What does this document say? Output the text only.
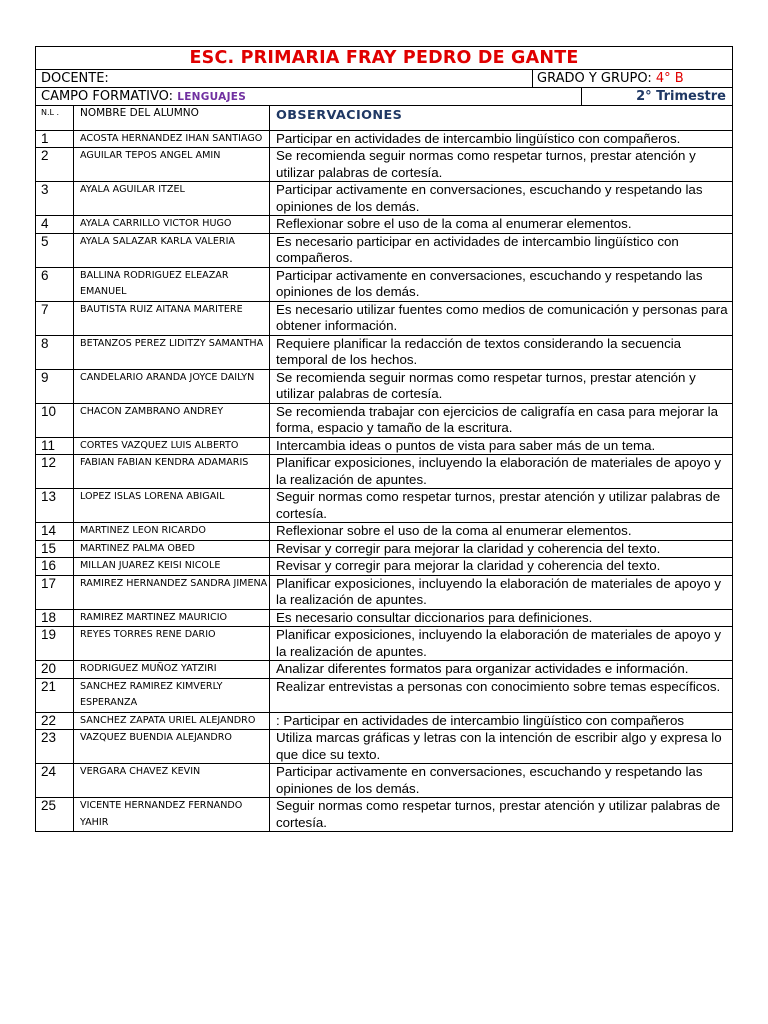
ESC. PRIMARIA FRAY PEDRO DE GANTE
DOCENTE:	GRADO Y GRUPO: 4° B
CAMPO FORMATIVO: LENGUAJES	2° Trimestre
N.L .	NOMBRE DEL ALUMNO	OBSERVACIONES
1	ACOSTA HERNANDEZ IHAN SANTIAGO	Participar en actividades de intercambio lingüístico con compañeros.
2	AGUILAR TEPOS ANGEL AMIN	Se recomienda seguir normas como respetar turnos, prestar atención y utilizar palabras de cortesía.
3	AYALA AGUILAR ITZEL	Participar activamente en conversaciones, escuchando y respetando las opiniones de los demás.
4	AYALA CARRILLO VICTOR HUGO	Reflexionar sobre el uso de la coma al enumerar elementos.
5	AYALA SALAZAR KARLA VALERIA	Es necesario participar en actividades de intercambio lingüístico con compañeros.
6	BALLINA RODRIGUEZ ELEAZAR EMANUEL	Participar activamente en conversaciones, escuchando y respetando las opiniones de los demás.
7	BAUTISTA RUIZ AITANA MARITERE	Es necesario utilizar fuentes como medios de comunicación y personas para obtener información.
8	BETANZOS PEREZ LIDITZY SAMANTHA	Requiere planificar la redacción de textos considerando la secuencia temporal de los hechos.
9	CANDELARIO ARANDA JOYCE DAILYN	Se recomienda seguir normas como respetar turnos, prestar atención y utilizar palabras de cortesía.
10	CHACON ZAMBRANO ANDREY	Se recomienda trabajar con ejercicios de caligrafía en casa para mejorar la forma, espacio y tamaño de la escritura.
11	CORTES VAZQUEZ LUIS ALBERTO	Intercambia ideas o puntos de vista para saber más de un tema.
12	FABIAN FABIAN KENDRA ADAMARIS	Planificar exposiciones, incluyendo la elaboración de materiales de apoyo y la realización de apuntes.
13	LOPEZ ISLAS LORENA ABIGAIL	Seguir normas como respetar turnos, prestar atención y utilizar palabras de cortesía.
14	MARTINEZ LEON RICARDO	Reflexionar sobre el uso de la coma al enumerar elementos.
15	MARTINEZ PALMA OBED	Revisar y corregir para mejorar la claridad y coherencia del texto.
16	MILLAN JUAREZ KEISI NICOLE	Revisar y corregir para mejorar la claridad y coherencia del texto.
17	RAMIREZ HERNANDEZ SANDRA JIMENA	Planificar exposiciones, incluyendo la elaboración de materiales de apoyo y la realización de apuntes.
18	RAMIREZ MARTINEZ MAURICIO	Es necesario consultar diccionarios para definiciones.
19	REYES TORRES RENE DARIO	Planificar exposiciones, incluyendo la elaboración de materiales de apoyo y la realización de apuntes.
20	RODRIGUEZ MUÑOZ YATZIRI	Analizar diferentes formatos para organizar actividades e información.
21	SANCHEZ RAMIREZ KIMVERLY ESPERANZA	Realizar entrevistas a personas con conocimiento sobre temas específicos.
22	SANCHEZ ZAPATA URIEL ALEJANDRO	: Participar en actividades de intercambio lingüístico con compañeros
23	VAZQUEZ BUENDIA ALEJANDRO	Utiliza marcas gráficas y letras con la intención de escribir algo y expresa lo que dice su texto.
24	VERGARA CHAVEZ KEVIN	Participar activamente en conversaciones, escuchando y respetando las opiniones de los demás.
25	VICENTE HERNANDEZ FERNANDO YAHIR	Seguir normas como respetar turnos, prestar atención y utilizar palabras de cortesía.
